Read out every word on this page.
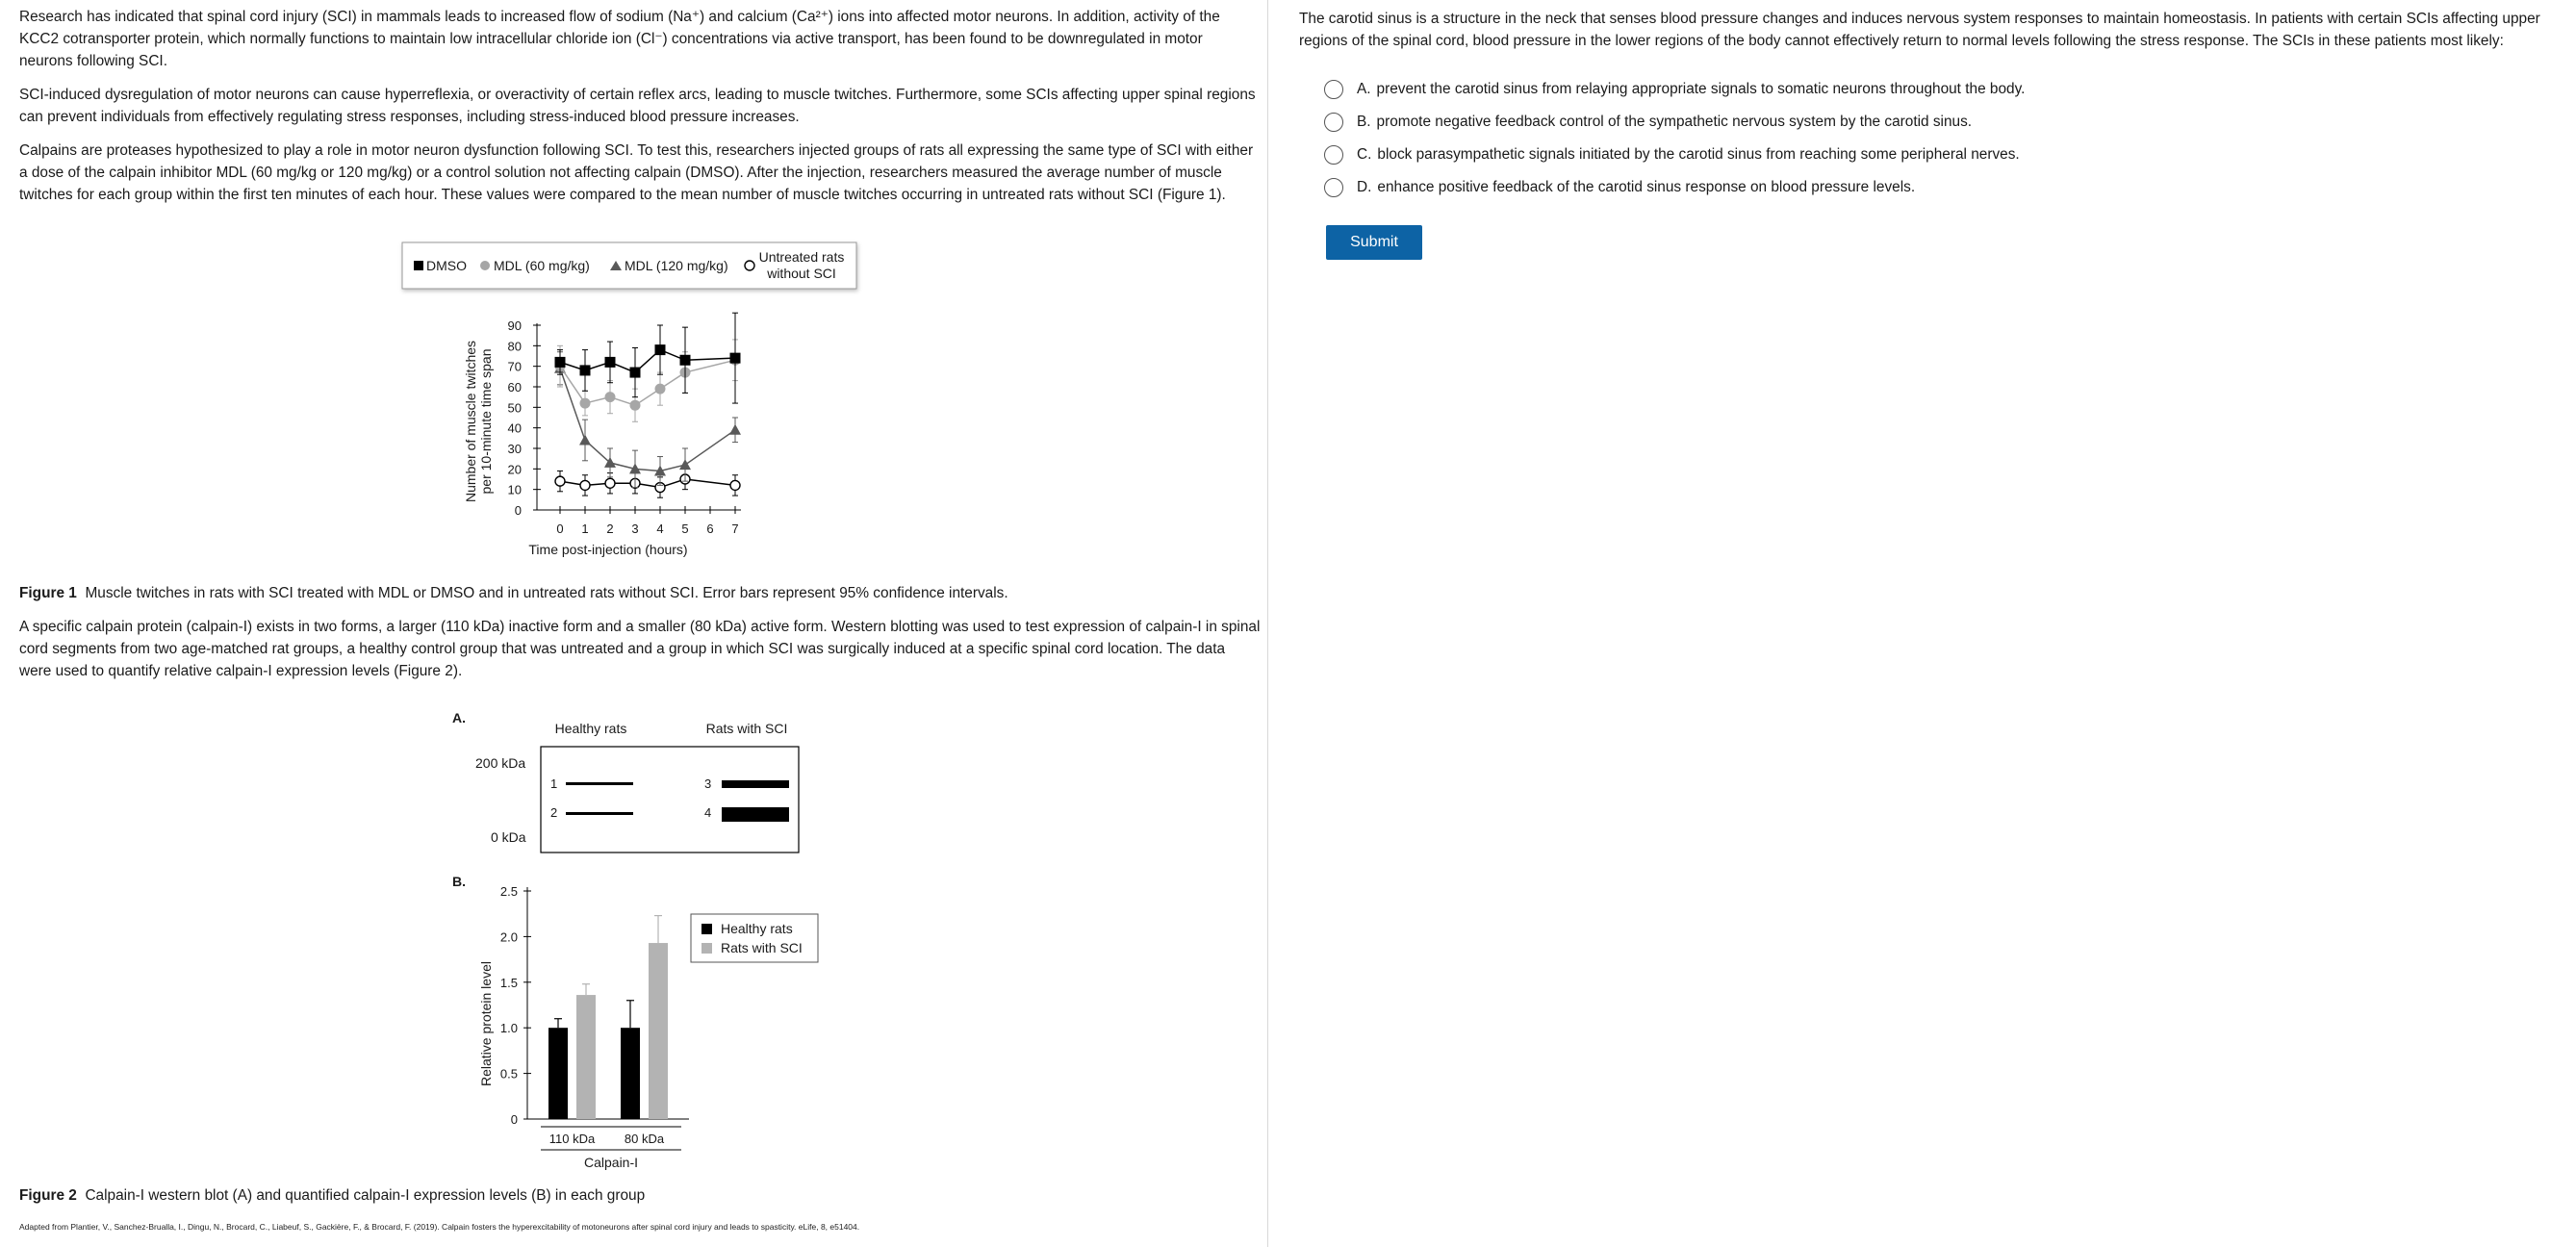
Research has indicated that spinal cord injury (SCI) in mammals leads to increased flow of sodium (Na⁺) and calcium (Ca²⁺) ions into affected motor neurons. In addition, activity of the KCC2 cotransporter protein, which normally functions to maintain low intracellular chloride ion (Cl⁻) concentrations via active transport, has been found to be downregulated in motor neurons following SCI.

SCI-induced dysregulation of motor neurons can cause hyperreflexia, or overactivity of certain reflex arcs, leading to muscle twitches. Furthermore, some SCIs affecting upper spinal regions can prevent individuals from effectively regulating stress responses, including stress-induced blood pressure increases.

Calpains are proteases hypothesized to play a role in motor neuron dysfunction following SCI. To test this, researchers injected groups of rats all expressing the same type of SCI with either a dose of the calpain inhibitor MDL (60 mg/kg or 120 mg/kg) or a control solution not affecting calpain (DMSO). After the injection, researchers measured the average number of muscle twitches for each group within the first ten minutes of each hour. These values were compared to the mean number of muscle twitches occurring in untreated rats without SCI (Figure 1).

DMSO MDL (60 mg/kg)	MDL (120 mg/kg)
Untreated rats
without SCI
0
10
20
30
40
50
60
70
80
90
0 1 2 3 4 5 6 7
Number of muscle twitches per 10-minute time span
Time post-injection (hours)

Figure 1 Muscle twitches in rats with SCI treated with MDL or DMSO and in untreated rats without SCI. Error bars represent 95% confidence intervals.

A specific calpain protein (calpain-I) exists in two forms, a larger (110 kDa) inactive form and a smaller (80 kDa) active form. Western blotting was used to test expression of calpain-I in spinal cord segments from two age-matched rat groups, a healthy control group that was untreated and a group in which SCI was surgically induced at a specific spinal cord location. The data were used to quantify relative calpain-I expression levels (Figure 2).

A.
Healthy rats	Rats with SCI
200 kDa
0 kDa
1
2
3
4
B.
0
0.5
1.0
1.5
2.0
2.5
110 kDa 80 kDa
Relative protein level
Calpain-I
Healthy rats
Rats with SCI

Figure 2 Calpain-I western blot (A) and quantified calpain-I expression levels (B) in each group

Adapted from Plantier, V., Sanchez-Brualla, I., Dingu, N., Brocard, C., Liabeuf, S., Gackière, F., & Brocard, F. (2019). Calpain fosters the hyperexcitability of motoneurons after spinal cord injury and leads to spasticity. eLife, 8, e51404.

The carotid sinus is a structure in the neck that senses blood pressure changes and induces nervous system responses to maintain homeostasis. In patients with certain SCIs affecting upper regions of the spinal cord, blood pressure in the lower regions of the body cannot effectively return to normal levels following the stress response. The SCIs in these patients most likely:

A. prevent the carotid sinus from relaying appropriate signals to somatic neurons throughout the body.
B. promote negative feedback control of the sympathetic nervous system by the carotid sinus.
C. block parasympathetic signals initiated by the carotid sinus from reaching some peripheral nerves.
D. enhance positive feedback of the carotid sinus response on blood pressure levels.
Submit
